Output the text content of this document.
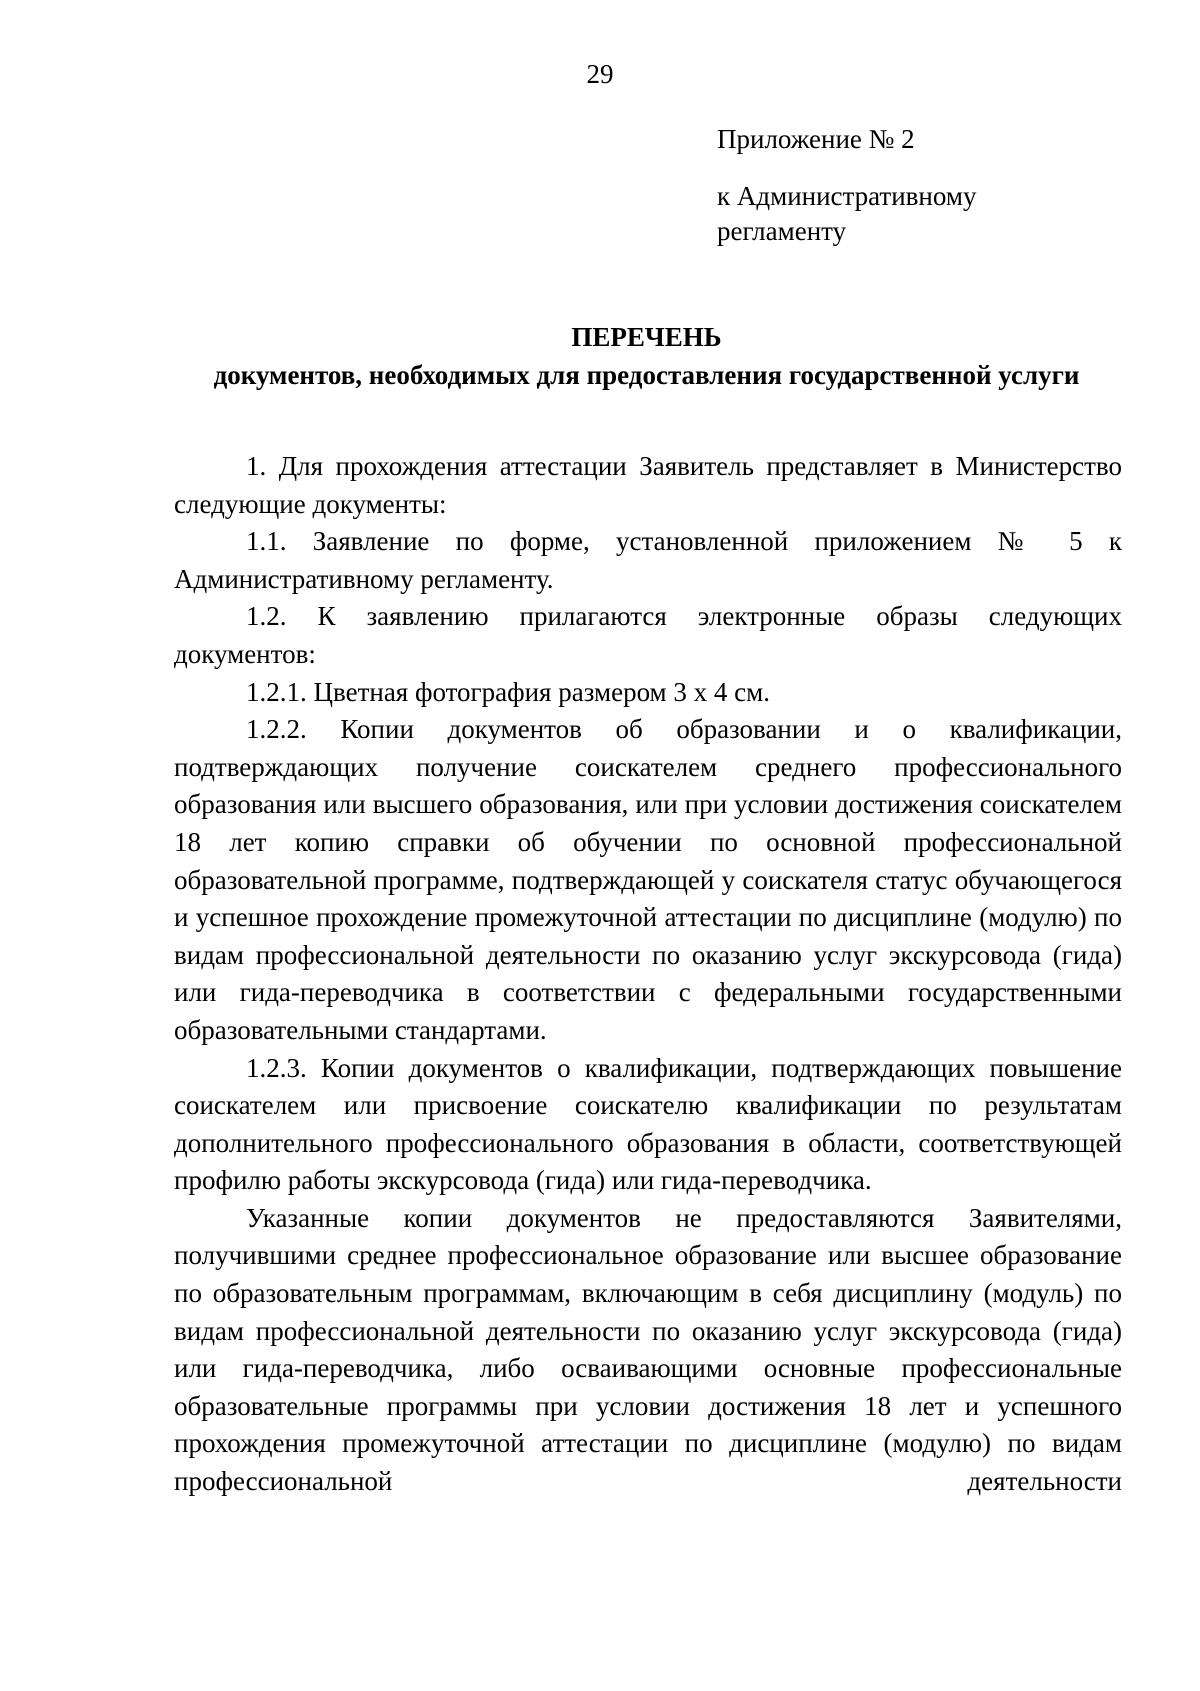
29
Приложение № 2
к Административному
регламенту
ПЕРЕЧЕНЬ
документов, необходимых для предоставления государственной услуги

1. Для прохождения аттестации Заявитель представляет в Министерство следующие документы:

1.1. Заявление по форме, установленной приложением № 5 к Административному регламенту.

1.2. К заявлению прилагаются электронные образы следующих документов:

1.2.1. Цветная фотография размером 3 х 4 см.

1.2.2. Копии документов об образовании и о квалификации, подтверждающих получение соискателем среднего профессионального образования или высшего образования, или при условии достижения соискателем 18 лет копию справки об обучении по основной профессиональной образовательной программе, подтверждающей у соискателя статус обучающегося и успешное прохождение промежуточной аттестации по дисциплине (модулю) по видам профессиональной деятельности по оказанию услуг экскурсовода (гида) или гида-переводчика в соответствии с федеральными государственными образовательными стандартами.

1.2.3. Копии документов о квалификации, подтверждающих повышение соискателем или присвоение соискателю квалификации по результатам дополнительного профессионального образования в области, соответствующей профилю работы экскурсовода (гида) или гида-переводчика.

Указанные копии документов не предоставляются Заявителями, получившими среднее профессиональное образование или высшее образование по образовательным программам, включающим в себя дисциплину (модуль) по видам профессиональной деятельности по оказанию услуг экскурсовода (гида) или гида-переводчика, либо осваивающими основные профессиональные образовательные программы при условии достижения 18 лет и успешного прохождения промежуточной аттестации по дисциплине (модулю) по видам профессиональной деятельности
